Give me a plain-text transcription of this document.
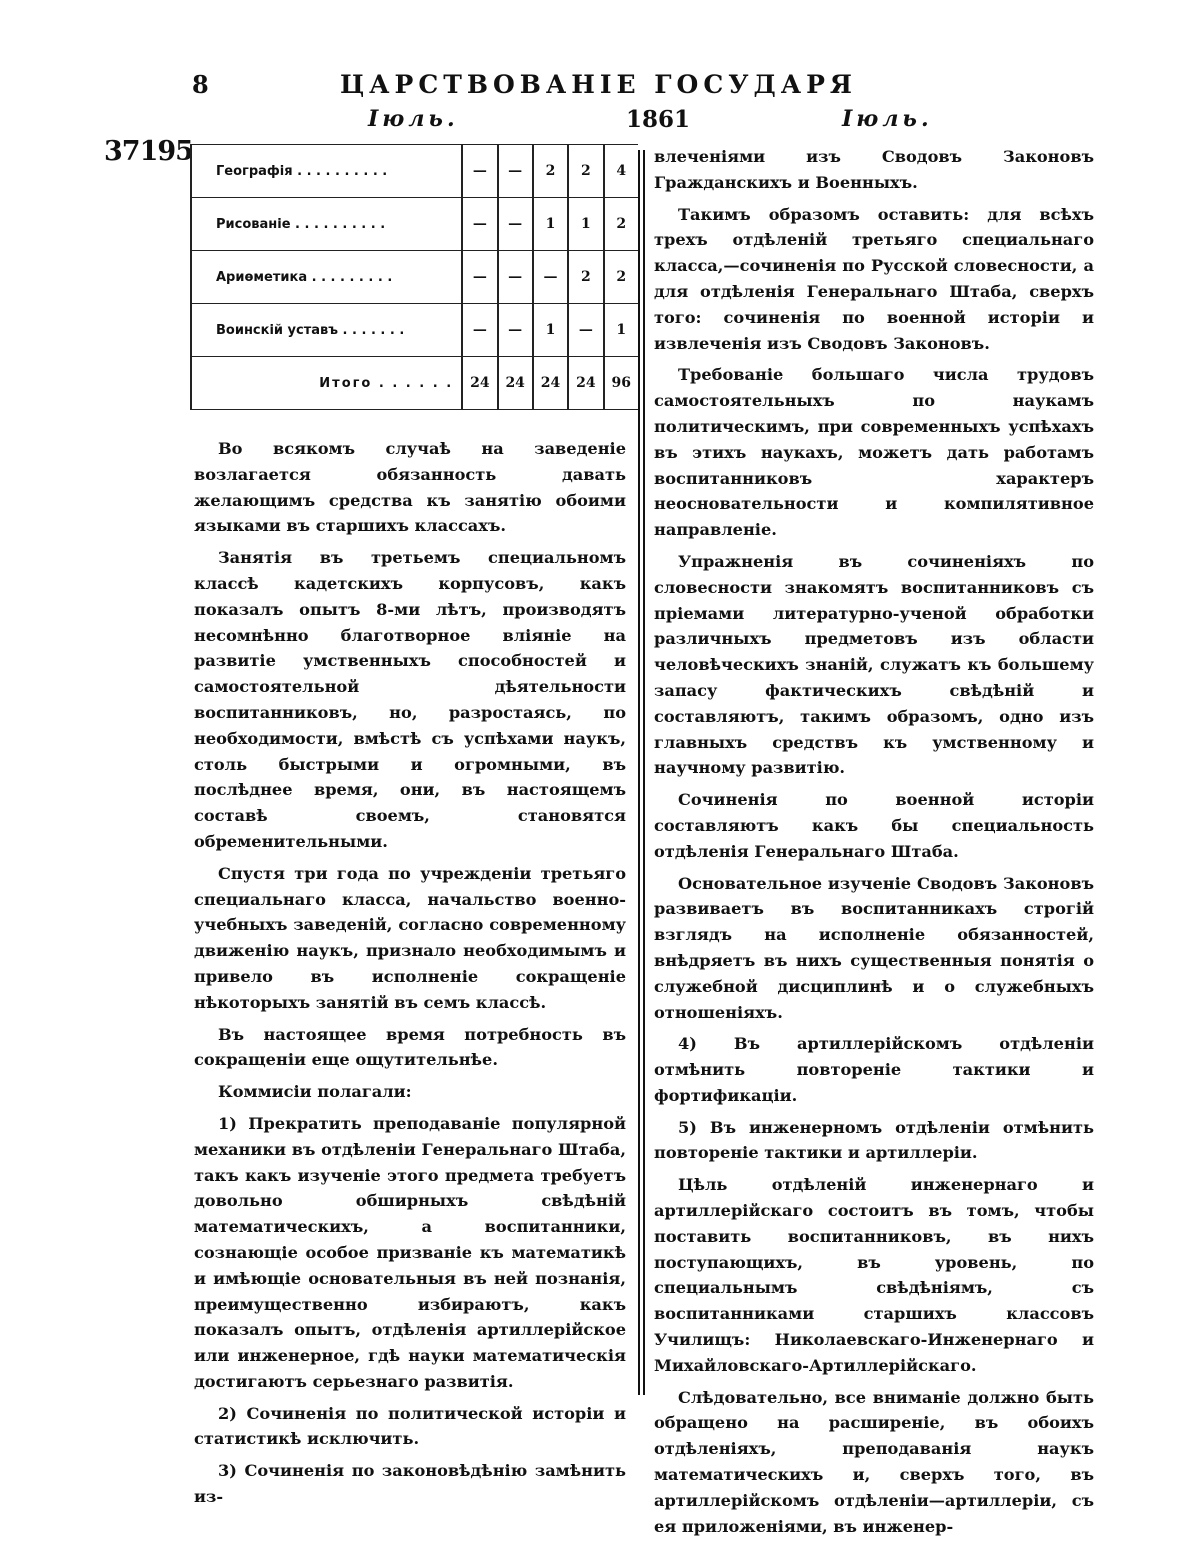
8	ЦАРСТВОВАНІЕ ГОСУДАРЯ
Іюль.	1861	Іюль.
37195
Географія . . . . . . . . . .	—	—	2	2	4
Рисованіе . . . . . . . . . .	—	—	1	1	2
Ариѳметика . . . . . . . . .	—	—	—	2	2
Воинскій уставъ . . . . . . .	—	—	1	—	1
Итого . . . . . .	24	24	24	24	96

Во всякомъ случаѣ на заведеніе возлагается обязанность давать желающимъ средства къ занятію обоими языками въ старшихъ классахъ.

Занятія въ третьемъ специальномъ классѣ кадетскихъ корпусовъ, какъ показалъ опытъ 8-ми лѣтъ, производятъ несомнѣнно благотворное вліяніе на развитіе умственныхъ способностей и самостоятельной дѣятельности воспитанниковъ, но, разростаясь, по необходимости, вмѣстѣ съ успѣхами наукъ, столь быстрыми и огромными, въ послѣднее время, они, въ настоящемъ составѣ своемъ, становятся обременительными.

Спустя три года по учрежденіи третьяго специальнаго класса, начальство военно-учебныхъ заведеній, согласно современному движенію наукъ, признало необходимымъ и привело въ исполненіе сокращеніе нѣкоторыхъ занятій въ семъ классѣ.

Въ настоящее время потребность въ сокращеніи еще ощутительнѣе.

Коммисіи полагали:

1) Прекратить преподаваніе популярной механики въ отдѣленіи Генеральнаго Штаба, такъ какъ изученіе этого предмета требуетъ довольно обширныхъ свѣдѣній математическихъ, а воспитанники, сознающіе особое призваніе къ математикѣ и имѣющіе основательныя въ ней познанія, преимущественно избираютъ, какъ показалъ опытъ, отдѣленія артиллерійское или инженерное, гдѣ науки математическія достигаютъ серьезнаго развитія.

2) Сочиненія по политической исторіи и статистикѣ исключить.

3) Сочиненія по законовѣдѣнію замѣнить из-

влеченіями изъ Сводовъ Законовъ Гражданскихъ и Военныхъ.

Такимъ образомъ оставить: для всѣхъ трехъ отдѣленій третьяго специальнаго класса,—сочиненія по Русской словесности, а для отдѣленія Генеральнаго Штаба, сверхъ того: сочиненія по военной исторіи и извлеченія изъ Сводовъ Законовъ.

Требованіе большаго числа трудовъ самостоятельныхъ по наукамъ политическимъ, при современныхъ успѣхахъ въ этихъ наукахъ, можетъ дать работамъ воспитанниковъ характеръ неосновательности и компилятивное направленіе.

Упражненія въ сочиненіяхъ по словесности знакомятъ воспитанниковъ съ пріемами литературно-ученой обработки различныхъ предметовъ изъ области человѣческихъ знаній, служатъ къ большему запасу фактическихъ свѣдѣній и составляютъ, такимъ образомъ, одно изъ главныхъ средствъ къ умственному и научному развитію.

Сочиненія по военной исторіи составляютъ какъ бы специальность отдѣленія Генеральнаго Штаба.

Основательное изученіе Сводовъ Законовъ развиваетъ въ воспитанникахъ строгій взглядъ на исполненіе обязанностей, внѣдряетъ въ нихъ существенныя понятія о служебной дисциплинѣ и о служебныхъ отношеніяхъ.

4) Въ артиллерійскомъ отдѣленіи отмѣнить повтореніе тактики и фортификаціи.

5) Въ инженерномъ отдѣленіи отмѣнить повтореніе тактики и артиллеріи.

Цѣль отдѣленій инженернаго и артиллерійскаго состоитъ въ томъ, чтобы поставить воспитанниковъ, въ нихъ поступающихъ, въ уровень, по специальнымъ свѣдѣніямъ, съ воспитанниками старшихъ классовъ Училищъ: Николаевскаго-Инженернаго и Михайловскаго-Артиллерійскаго.

Слѣдовательно, все вниманіе должно быть обращено на расширеніе, въ обоихъ отдѣленіяхъ, преподаванія наукъ математическихъ и, сверхъ того, въ артиллерійскомъ отдѣленіи—артиллеріи, съ ея приложеніями, въ инженер-
